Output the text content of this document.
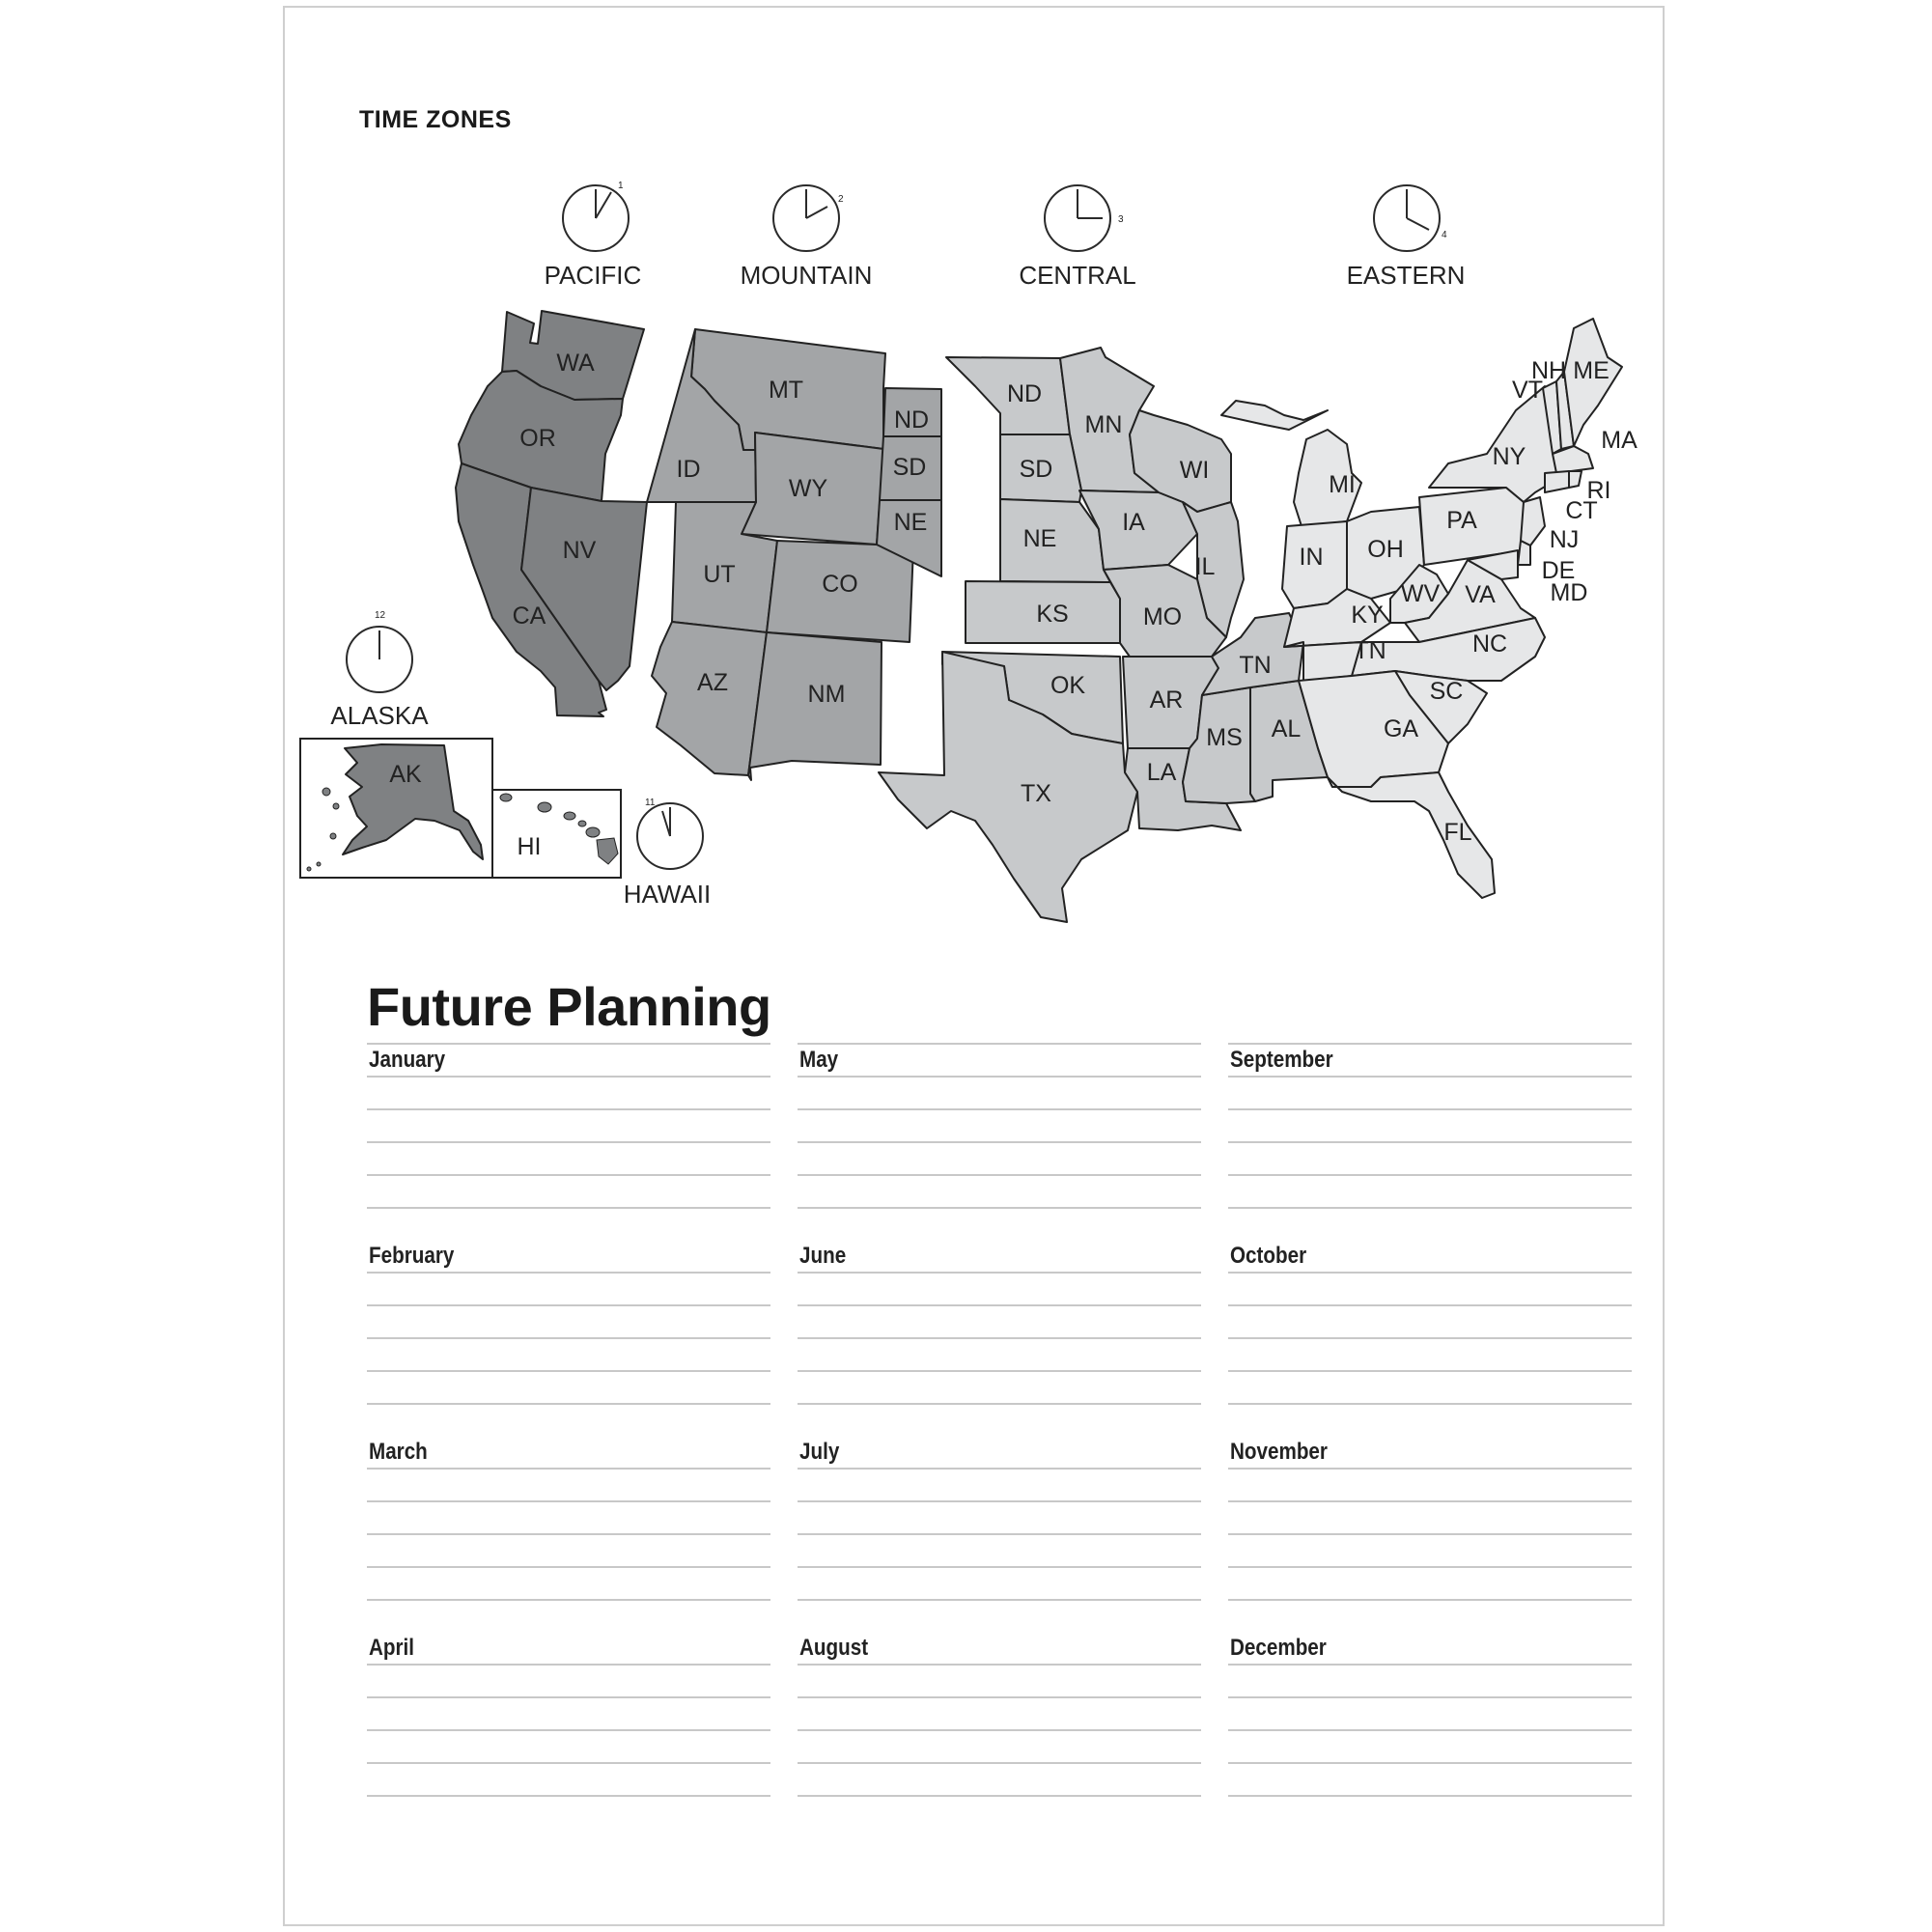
TIME ZONES
1
2
3
4
12
11
PACIFIC	MOUNTAIN	CENTRAL	EASTERN
ALASKA
HAWAII
WA
OR
CA
NV
AK
HI
MT
ID
WY
UT	CO
AZ	NM
ND
SD
NE
ND
SD
NE
MN
IA
WI
IL
KS	MO
OK
TX
AR
LA
MS AL
TN
MI
IN OH
KY
WV VA
PA
NY
VT
NH ME
MA
RI
CT
NJ
DE
MD
NC
TN
SC
GA
FL
Future Planning
January
February
March
April
May
June
July
August
September
October
November
December
